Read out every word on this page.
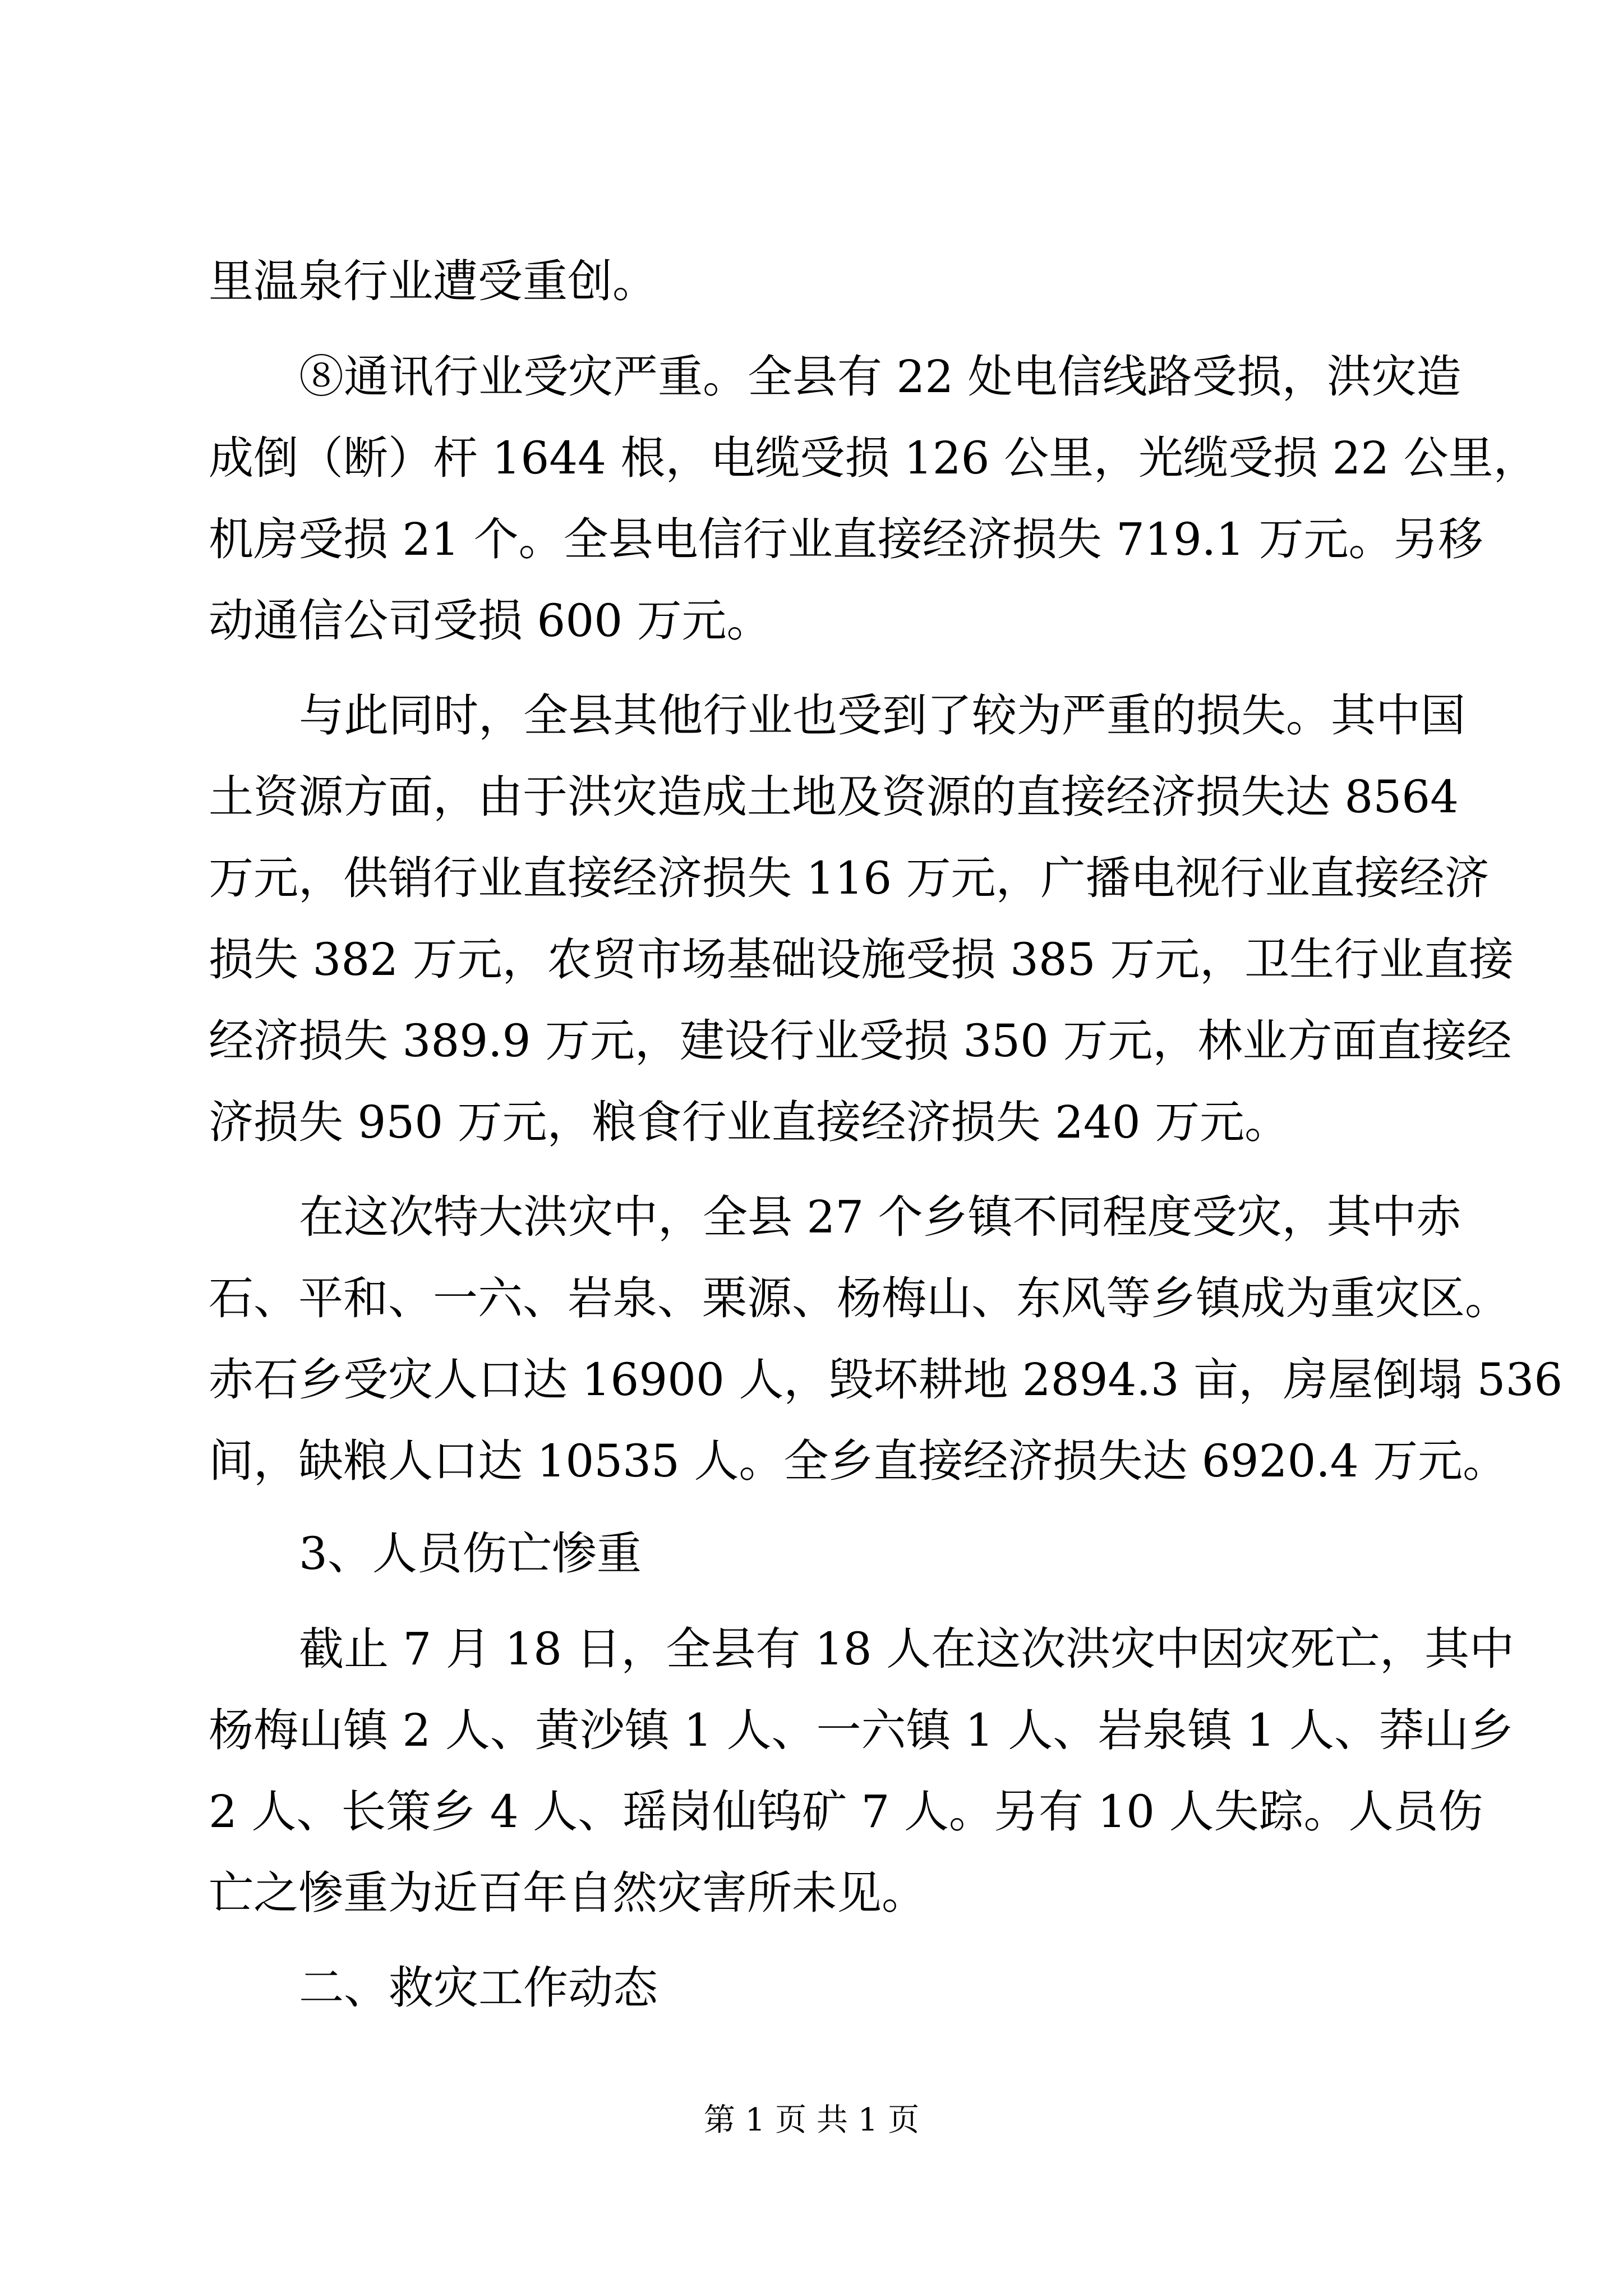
里温泉行业遭受重创。
⑧通讯行业受灾严重。全县有 22 处电信线路受损，洪灾造
成倒（断）杆 1644 根，电缆受损 126 公里，光缆受损 22 公里，
机房受损 21 个。全县电信行业直接经济损失 719.1 万元。另移
动通信公司受损 600 万元。
与此同时，全县其他行业也受到了较为严重的损失。其中国
土资源方面，由于洪灾造成土地及资源的直接经济损失达 8564
万元，供销行业直接经济损失 116 万元，广播电视行业直接经济
损失 382 万元，农贸市场基础设施受损 385 万元，卫生行业直接
经济损失 389.9 万元，建设行业受损 350 万元，林业方面直接经
济损失 950 万元，粮食行业直接经济损失 240 万元。
在这次特大洪灾中，全县 27 个乡镇不同程度受灾，其中赤
石、平和、一六、岩泉、栗源、杨梅山、东风等乡镇成为重灾区。
赤石乡受灾人口达 16900 人，毁坏耕地 2894.3 亩，房屋倒塌 536
间，缺粮人口达 10535 人。全乡直接经济损失达 6920.4 万元。
3、人员伤亡惨重
截止 7 月 18 日，全县有 18 人在这次洪灾中因灾死亡，其中
杨梅山镇 2 人、黄沙镇 1 人、一六镇 1 人、岩泉镇 1 人、莽山乡
2 人、长策乡 4 人、瑶岗仙钨矿 7 人。另有 10 人失踪。人员伤
亡之惨重为近百年自然灾害所未见。
二、救灾工作动态
第 1 页 共 1 页
